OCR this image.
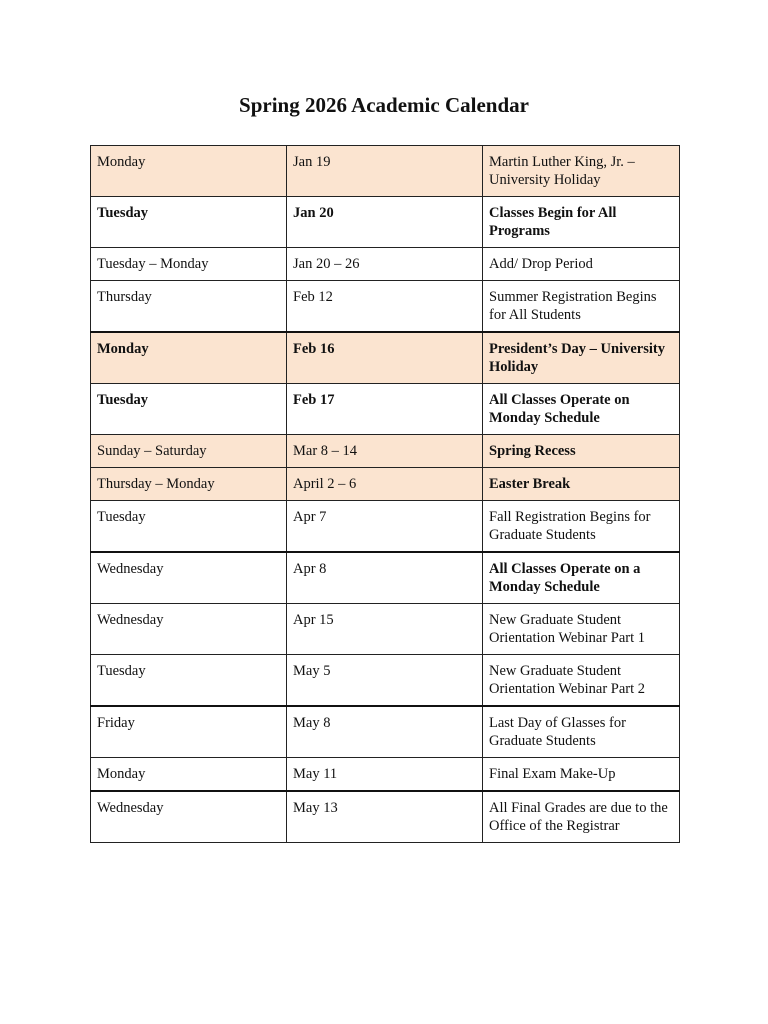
Spring 2026 Academic Calendar
Monday	Jan 19	Martin Luther King, Jr. – University Holiday
Tuesday	Jan 20	Classes Begin for All Programs
Tuesday – Monday	Jan 20 – 26	Add/ Drop Period
Thursday	Feb 12	Summer Registration Begins for All Students
Monday	Feb 16	President’s Day – University Holiday
Tuesday	Feb 17	All Classes Operate on Monday Schedule
Sunday – Saturday	Mar 8 – 14	Spring Recess
Thursday – Monday	April 2 – 6	Easter Break
Tuesday	Apr 7	Fall Registration Begins for Graduate Students
Wednesday	Apr 8	All Classes Operate on a Monday Schedule
Wednesday	Apr 15	New Graduate Student Orientation Webinar Part 1
Tuesday	May 5	New Graduate Student Orientation Webinar Part 2
Friday	May 8	Last Day of Glasses for Graduate Students
Monday	May 11	Final Exam Make-Up
Wednesday	May 13	All Final Grades are due to the Office of the Registrar
